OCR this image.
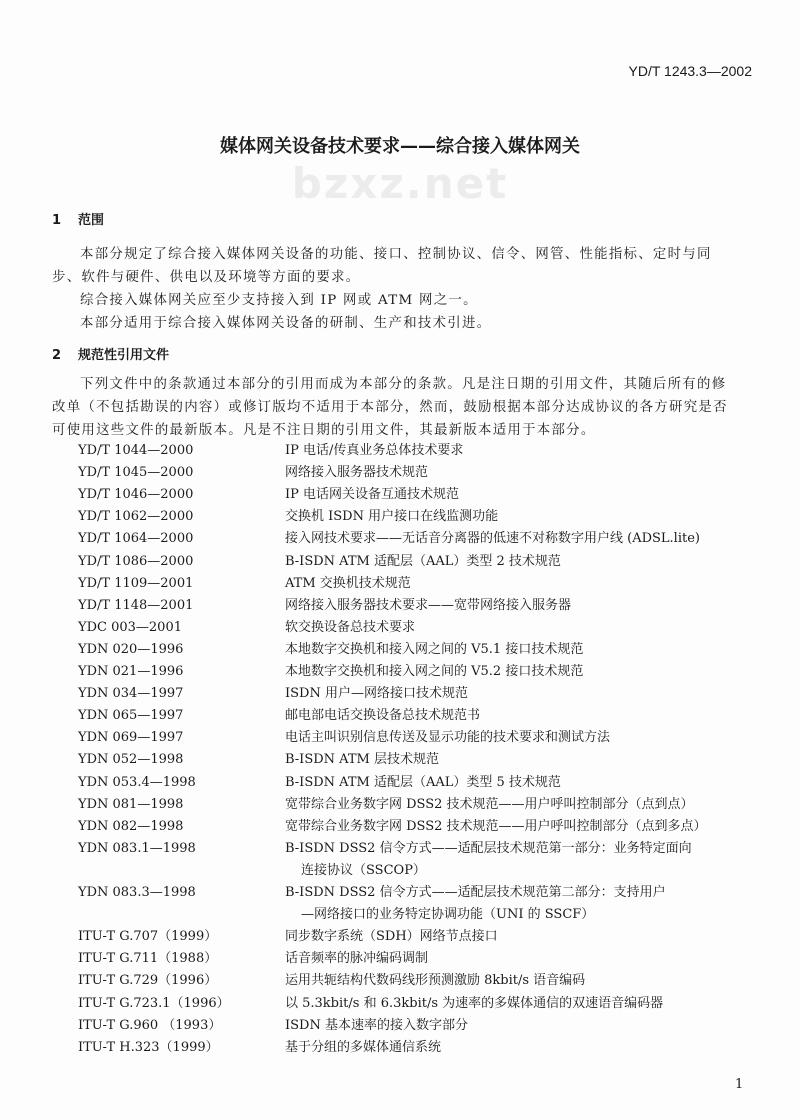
YD/T 1243.3—2002
bzxz.net
媒体网关设备技术要求——综合接入媒体网关
1 范围
本部分规定了综合接入媒体网关设备的功能、接口、控制协议、信令、网管、性能指标、定时与同
步、软件与硬件、供电以及环境等方面的要求。
综合接入媒体网关应至少支持接入到 IP 网或 ATM 网之一。
本部分适用于综合接入媒体网关设备的研制、生产和技术引进。
2 规范性引用文件
下列文件中的条款通过本部分的引用而成为本部分的条款。凡是注日期的引用文件，其随后所有的修
改单（不包括勘误的内容）或修订版均不适用于本部分，然而，鼓励根据本部分达成协议的各方研究是否
可使用这些文件的最新版本。凡是不注日期的引用文件，其最新版本适用于本部分。
YD/T 1044—2000	IP 电话/传真业务总体技术要求
YD/T 1045—2000	网络接入服务器技术规范
YD/T 1046—2000	IP 电话网关设备互通技术规范
YD/T 1062—2000	交换机 ISDN 用户接口在线监测功能
YD/T 1064—2000	接入网技术要求——无话音分离器的低速不对称数字用户线 (ADSL.lite)
YD/T 1086—2000	B-ISDN ATM 适配层（AAL）类型 2 技术规范
YD/T 1109—2001	ATM 交换机技术规范
YD/T 1148—2001	网络接入服务器技术要求——宽带网络接入服务器
YDC 003—2001	软交换设备总技术要求
YDN 020—1996	本地数字交换机和接入网之间的 V5.1 接口技术规范
YDN 021—1996	本地数字交换机和接入网之间的 V5.2 接口技术规范
YDN 034—1997	ISDN 用户—网络接口技术规范
YDN 065—1997	邮电部电话交换设备总技术规范书
YDN 069—1997	电话主叫识别信息传送及显示功能的技术要求和测试方法
YDN 052—1998	B-ISDN ATM 层技术规范
YDN 053.4—1998	B-ISDN ATM 适配层（AAL）类型 5 技术规范
YDN 081—1998	宽带综合业务数字网 DSS2 技术规范——用户呼叫控制部分（点到点）
YDN 082—1998	宽带综合业务数字网 DSS2 技术规范——用户呼叫控制部分（点到多点）
YDN 083.1—1998	B-ISDN DSS2 信令方式——适配层技术规范第一部分：业务特定面向
连接协议（SSCOP）
YDN 083.3—1998	B-ISDN DSS2 信令方式——适配层技术规范第二部分：支持用户
—网络接口的业务特定协调功能（UNI 的 SSCF）
ITU-T G.707（1999）	同步数字系统（SDH）网络节点接口
ITU-T G.711（1988）	话音频率的脉冲编码调制
ITU-T G.729（1996）	运用共轭结构代数码线形预测激励 8kbit/s 语音编码
ITU-T G.723.1（1996）	以 5.3kbit/s 和 6.3kbit/s 为速率的多媒体通信的双速语音编码器
ITU-T G.960 （1993）	ISDN 基本速率的接入数字部分
ITU-T H.323（1999）	基于分组的多媒体通信系统
1
